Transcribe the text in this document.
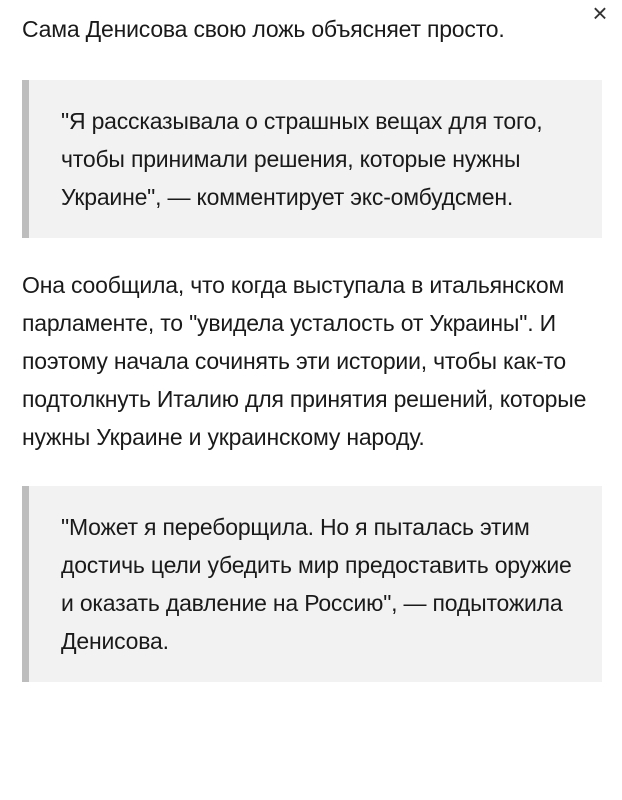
×

Сама Денисова свою ложь объясняет просто.

"Я рассказывала о страшных вещах для того, чтобы принимали решения, которые нужны Украине", — комментирует экс-омбудсмен.

Она сообщила, что когда выступала в итальянском парламенте, то "увидела усталость от Украины". И поэтому начала сочинять эти истории, чтобы как-то подтолкнуть Италию для принятия решений, которые нужны Украине и украинскому народу.

"Может я переборщила. Но я пыталась этим достичь цели убедить мир предоставить оружие и оказать давление на Россию", — подытожила Денисова.
